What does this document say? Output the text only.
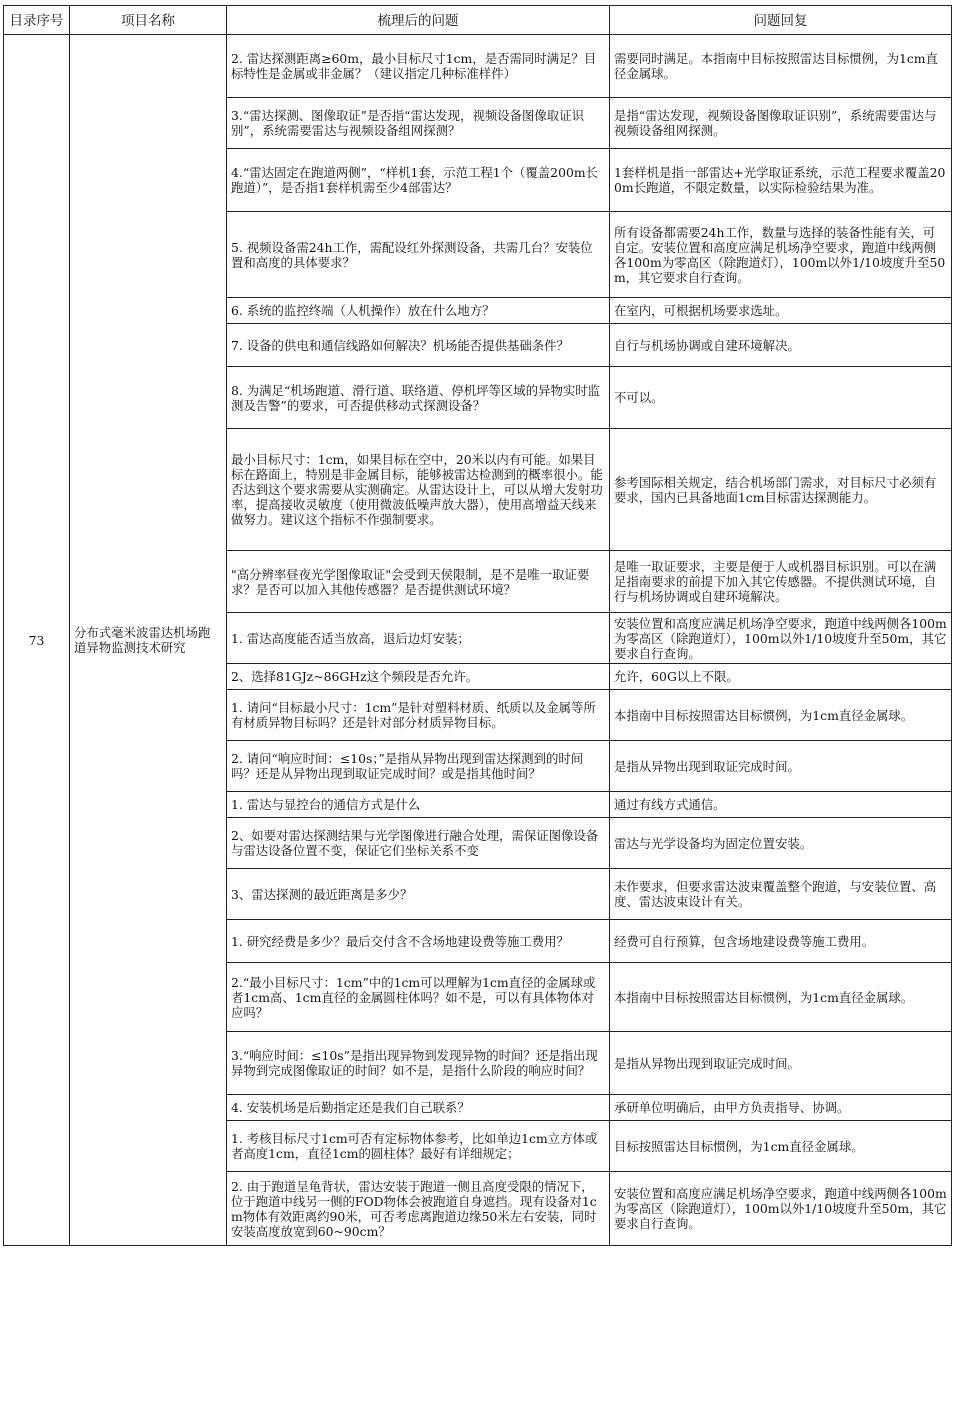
目录序号	项目名称	梳理后的问题	问题回复
73	分布式毫米波雷达机场跑道异物监测技术研究	2. 雷达探测距离≥60m，最小目标尺寸1cm，是否需同时满足？目标特性是金属或非金属？（建议指定几种标准样件）	需要同时满足。本指南中目标按照雷达目标惯例，为1cm直径金属球。
		3.“雷达探测、图像取证”是否指“雷达发现，视频设备图像取证识别”，系统需要雷达与视频设备组网探测？	是指“雷达发现，视频设备图像取证识别”，系统需要雷达与视频设备组网探测。
		4.“雷达固定在跑道两侧”，“样机1套，示范工程1个（覆盖200m长跑道）”，是否指1套样机需至少4部雷达？	1套样机是指一部雷达+光学取证系统，示范工程要求覆盖200m长跑道，不限定数量，以实际检验结果为准。
		5. 视频设备需24h工作，需配设红外探测设备，共需几台？安装位置和高度的具体要求？	所有设备都需要24h工作，数量与选择的装备性能有关，可自定。安装位置和高度应满足机场净空要求，跑道中线两侧各100m为零高区（除跑道灯），100m以外1/10坡度升至50m，其它要求自行查询。
		6. 系统的监控终端（人机操作）放在什么地方？	在室内，可根据机场要求选址。
		7. 设备的供电和通信线路如何解决？机场能否提供基础条件？	自行与机场协调或自建环境解决。
		8. 为满足“机场跑道、滑行道、联络道、停机坪等区域的异物实时监测及告警”的要求，可否提供移动式探测设备？	不可以。
		最小目标尺寸：1cm，如果目标在空中，20米以内有可能。如果目标在路面上，特别是非金属目标，能够被雷达检测到的概率很小。能否达到这个要求需要从实测确定。从雷达设计上，可以从增大发射功率，提高接收灵敏度（使用微波低噪声放大器），使用高增益天线来做努力。建议这个指标不作强制要求。	参考国际相关规定，结合机场部门需求，对目标尺寸必须有要求，国内已具备地面1cm目标雷达探测能力。
		"高分辨率昼夜光学图像取证"会受到天侯限制，是不是唯一取证要求？是否可以加入其他传感器？是否提供测试环境？	是唯一取证要求，主要是便于人或机器目标识别。可以在满足指南要求的前提下加入其它传感器。不提供测试环境，自行与机场协调或自建环境解决。
		1. 雷达高度能否适当放高，退后边灯安装；	安装位置和高度应满足机场净空要求，跑道中线两侧各100m为零高区（除跑道灯），100m以外1/10坡度升至50m，其它要求自行查询。
		2、选择81GJz~86GHz这个频段是否允许。	允许，60G以上不限。
		1. 请问“目标最小尺寸：1cm”是针对塑料材质、纸质以及金属等所有材质异物目标吗？还是针对部分材质异物目标。	本指南中目标按照雷达目标惯例，为1cm直径金属球。
		2. 请问“响应时间：≤10s；”是指从异物出现到雷达探测到的时间吗？还是从异物出现到取证完成时间？或是指其他时间？	是指从异物出现到取证完成时间。
		1. 雷达与显控台的通信方式是什么	通过有线方式通信。
		2、如要对雷达探测结果与光学图像进行融合处理，需保证图像设备与雷达设备位置不变，保证它们坐标关系不变	雷达与光学设备均为固定位置安装。
		3、雷达探测的最近距离是多少？	未作要求，但要求雷达波束覆盖整个跑道，与安装位置、高度、雷达波束设计有关。
		1. 研究经费是多少？最后交付含不含场地建设费等施工费用？	经费可自行预算，包含场地建设费等施工费用。
		2.“最小目标尺寸：1cm”中的1cm可以理解为1cm直径的金属球或者1cm高、1cm直径的金属圆柱体吗？如不是，可以有具体物体对应吗？	本指南中目标按照雷达目标惯例，为1cm直径金属球。
		3.“响应时间：≤10s”是指出现异物到发现异物的时间？还是指出现异物到完成图像取证的时间？如不是，是指什么阶段的响应时间？	是指从异物出现到取证完成时间。
		4. 安装机场是后勤指定还是我们自己联系？	承研单位明确后，由甲方负责指导、协调。
		1. 考核目标尺寸1cm可否有定标物体参考，比如单边1cm立方体或者高度1cm，直径1cm的圆柱体？最好有详细规定；	目标按照雷达目标惯例，为1cm直径金属球。
		2. 由于跑道呈龟背状，雷达安装于跑道一侧且高度受限的情况下，位于跑道中线另一侧的FOD物体会被跑道自身遮挡。现有设备对1cm物体有效距离约90米，可否考虑离跑道边缘50米左右安装，同时安装高度放宽到60~90cm？	安装位置和高度应满足机场净空要求，跑道中线两侧各100m为零高区（除跑道灯），100m以外1/10坡度升至50m，其它要求自行查询。
